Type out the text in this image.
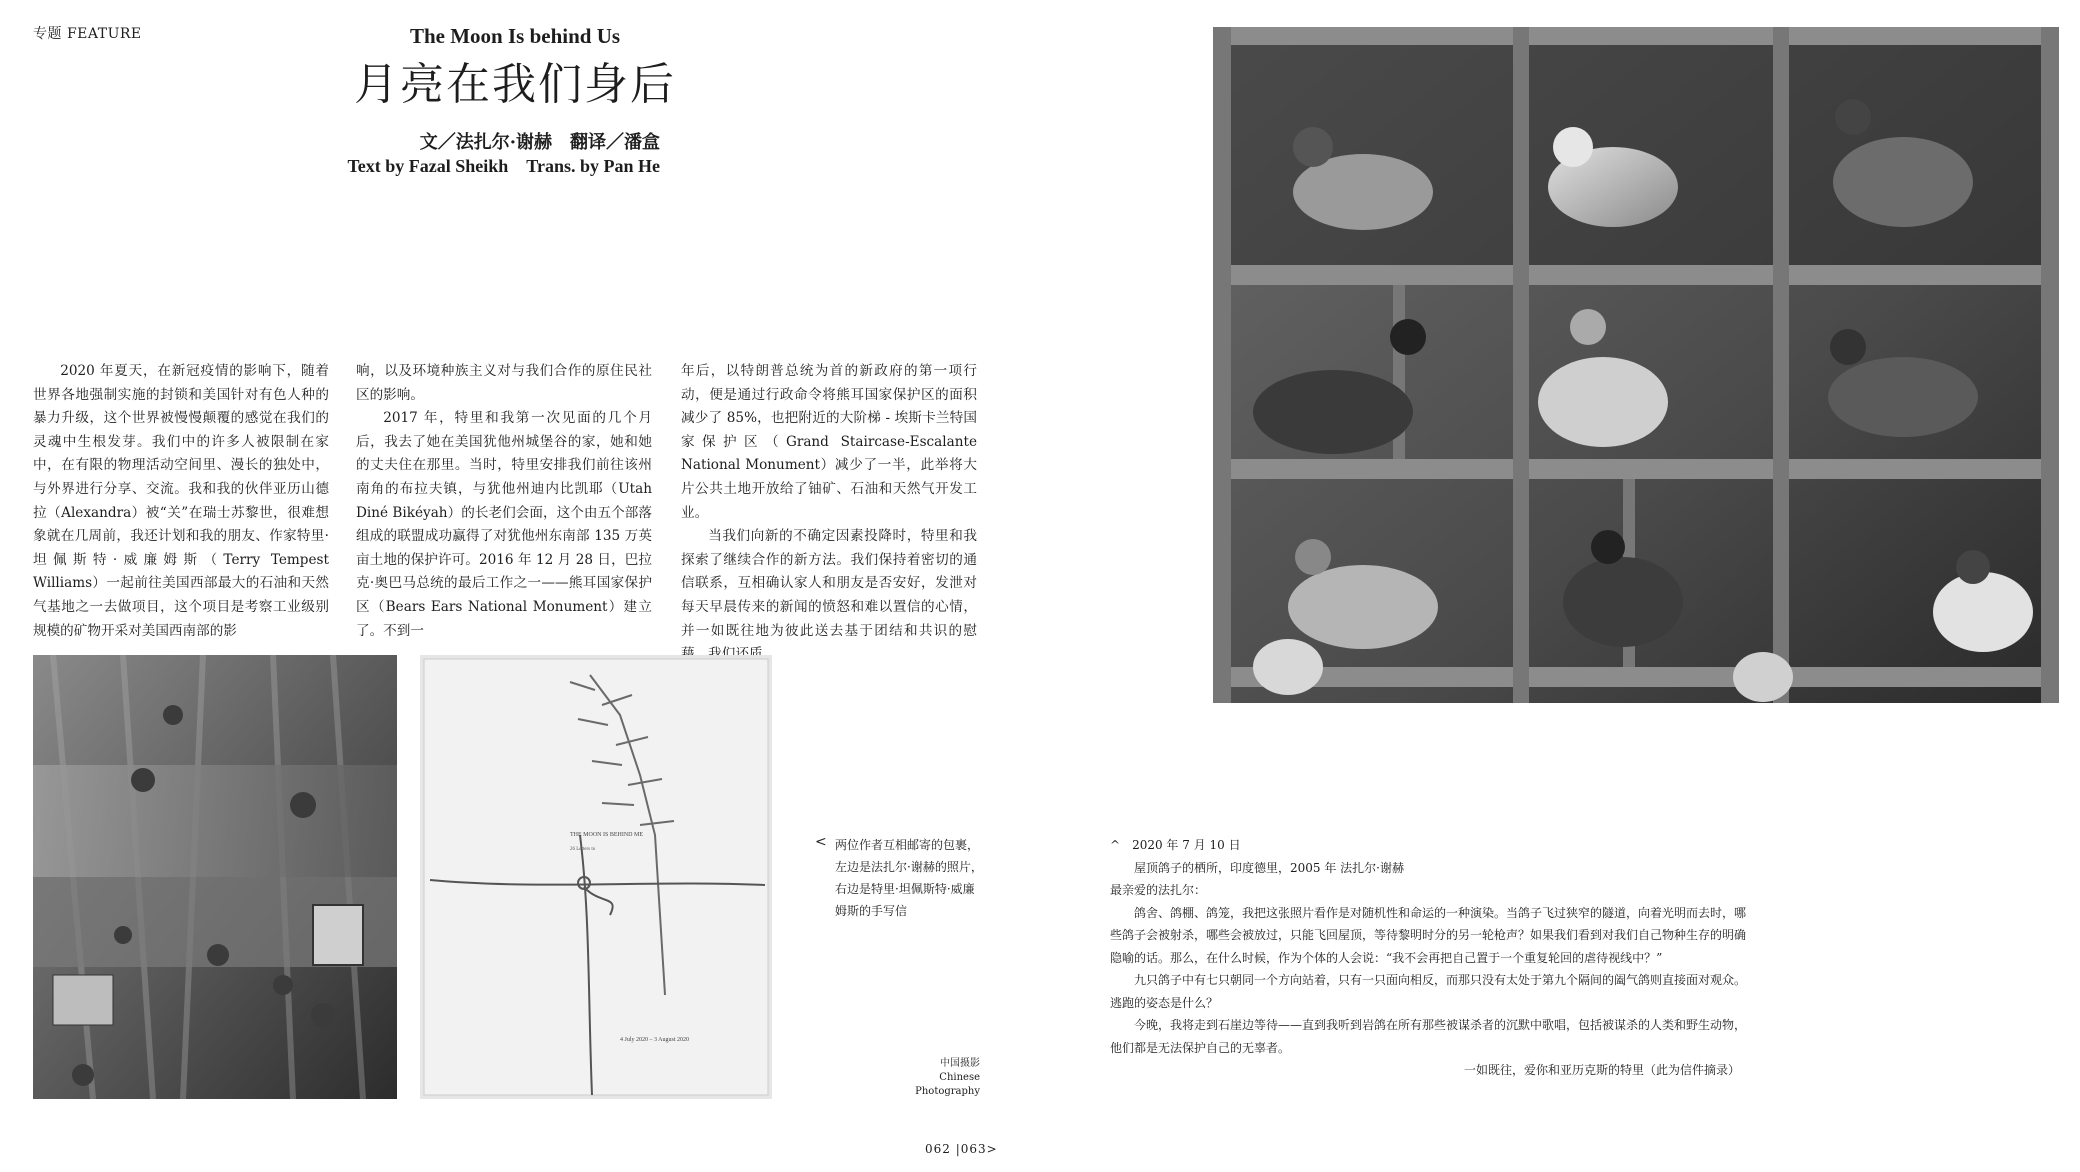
专题 FEATURE	The Moon Is behind Us
月亮在我们身后
文／法扎尔·谢赫　翻译／潘盒
Text by Fazal Sheikh　Trans. by Pan He

2020 年夏天，在新冠疫情的影响下，随着世界各地强制实施的封锁和美国针对有色人种的暴力升级，这个世界被慢慢颠覆的感觉在我们的灵魂中生根发芽。我们中的许多人被限制在家中，在有限的物理活动空间里、漫长的独处中，与外界进行分享、交流。我和我的伙伴亚历山德拉（Alexandra）被“关”在瑞士苏黎世，很难想象就在几周前，我还计划和我的朋友、作家特里·坦佩斯特·威廉姆斯（Terry Tempest Williams）一起前往美国西部最大的石油和天然气基地之一去做项目，这个项目是考察工业级别规模的矿物开采对美国西南部的影

响，以及环境种族主义对与我们合作的原住民社区的影响。

2017 年，特里和我第一次见面的几个月后，我去了她在美国犹他州城堡谷的家，她和她的丈夫住在那里。当时，特里安排我们前往该州南角的布拉夫镇，与犹他州迪内比凯耶（Utah Diné Bikéyah）的长老们会面，这个由五个部落组成的联盟成功赢得了对犹他州东南部 135 万英亩土地的保护许可。2016 年 12 月 28 日，巴拉克·奥巴马总统的最后工作之一——熊耳国家保护区（Bears Ears National Monument）建立了。不到一

年后，以特朗普总统为首的新政府的第一项行动，便是通过行政命令将熊耳国家保护区的面积减少了 85%，也把附近的大阶梯 - 埃斯卡兰特国家保护区（Grand Staircase-Escalante National Monument）减少了一半，此举将大片公共土地开放给了铀矿、石油和天然气开发工业。

当我们向新的不确定因素投降时，特里和我探索了继续合作的新方法。我们保持着密切的通信联系，互相确认家人和朋友是否安好，发泄对每天早晨传来的新闻的愤怒和难以置信的心情，并一如既往地为彼此送去基于团结和共识的慰

THE MOON IS BEHIND ME
26 Letters to
4 July 2020 – 3 August 2020
< 两位作者互相邮寄的包裹，左边是法扎尔·谢赫的照片，右边是特里·坦佩斯特·威廉姆斯的手写信
中国摄影
Chinese
Photography

^　 2020 年 7 月 10 日

屋顶鸽子的栖所，印度德里，2005 年 法扎尔·谢赫

最亲爱的法扎尔：

鸽舍、鸽棚、鸽笼，我把这张照片看作是对随机性和命运的一种演染。当鸽子飞过狭窄的隧道，向着光明而去时，哪些鸽子会被射杀，哪些会被放过，只能飞回屋顶，等待黎明时分的另一轮枪声？如果我们看到对我们自己物种生存的明确隐喻的话。那么，在什么时候，作为个体的人会说：“我不会再把自己置于一个重复轮回的虐待视线中？”

九只鸽子中有七只朝同一个方向站着，只有一只面向相反，而那只没有太处于第九个隔间的阖气鸽则直接面对观众。逃跑的姿态是什么？

今晚，我将走到石崖边等待——直到我听到岩鸽在所有那些被谋杀者的沉默中歌唱，包括被谋杀的人类和野生动物，他们都是无法保护自己的无辜者。

一如既往，爱你和亚历克斯的特里（此为信件摘录）

062 |063>
